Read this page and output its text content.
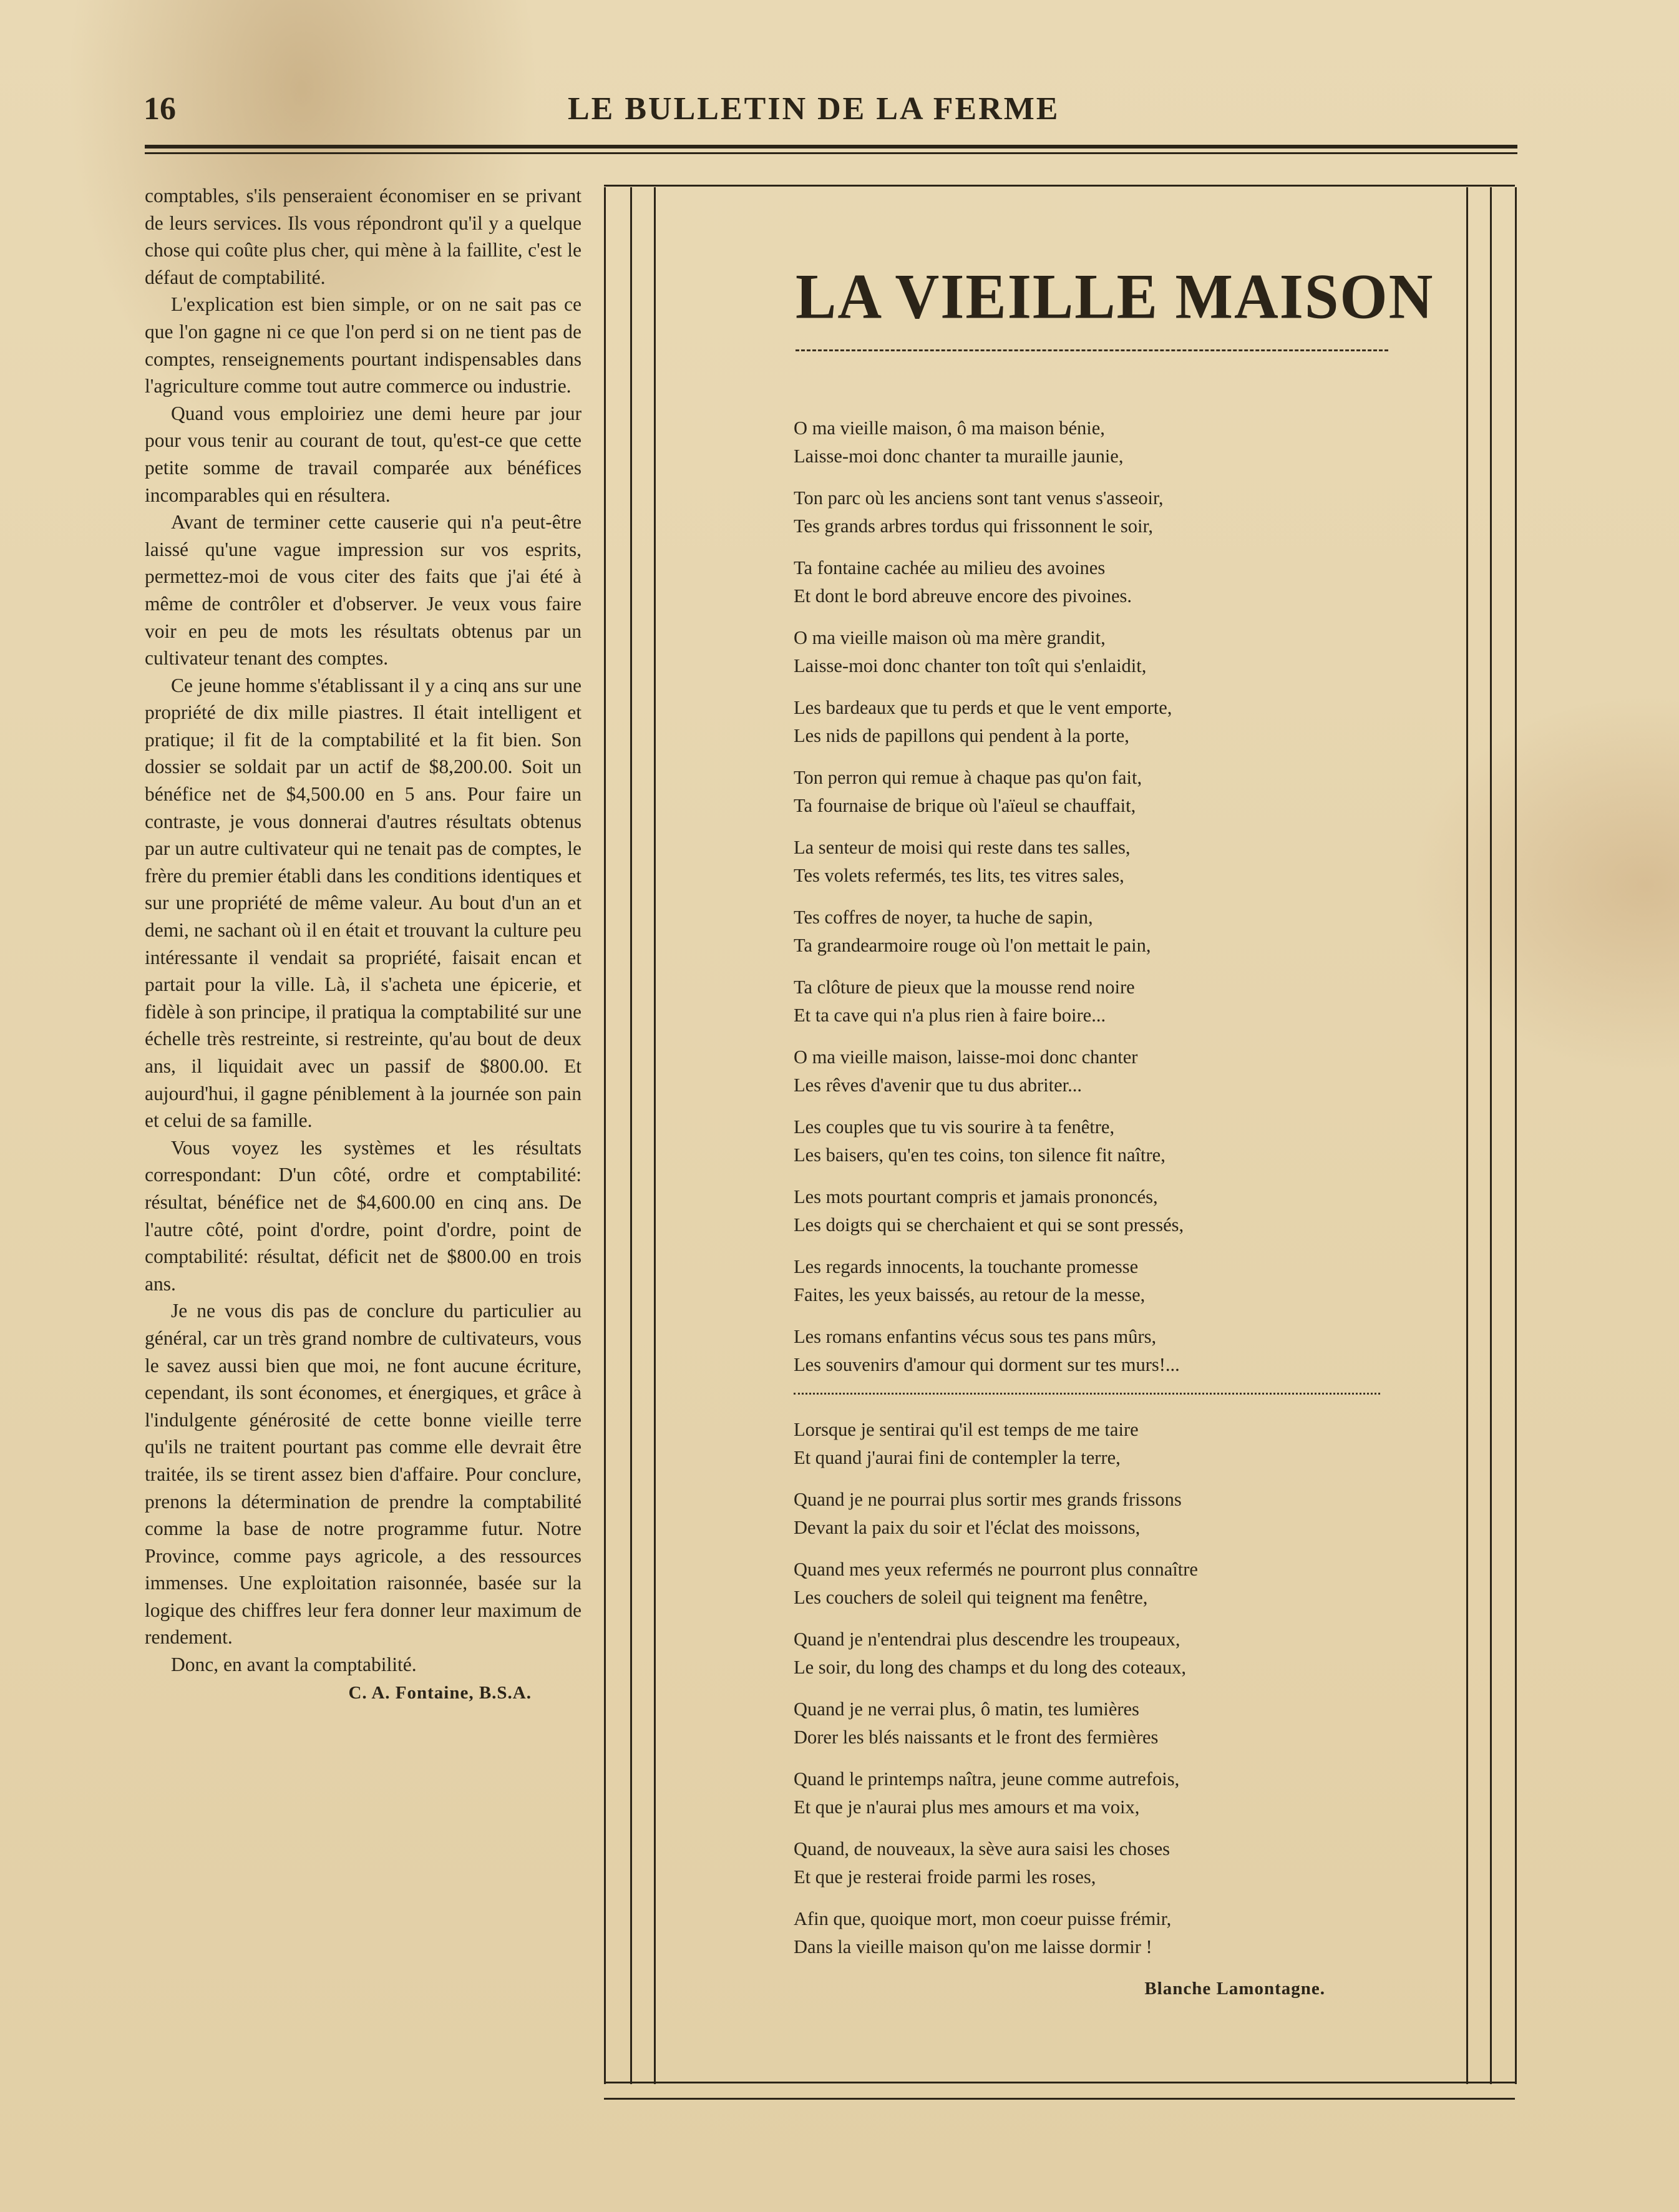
16	LE BULLETIN DE LA FERME

comptables, s'ils penseraient économiser en se privant de leurs services. Ils vous répondront qu'il y a quelque chose qui coûte plus cher, qui mène à la faillite, c'est le défaut de comptabilité.

L'explication est bien simple, or on ne sait pas ce que l'on gagne ni ce que l'on perd si on ne tient pas de comptes, renseignements pourtant indispensables dans l'agriculture comme tout autre commerce ou industrie.

Quand vous emploiriez une demi heure par jour pour vous tenir au courant de tout, qu'est-ce que cette petite somme de travail comparée aux bénéfices incomparables qui en résultera.

Avant de terminer cette causerie qui n'a peut-être laissé qu'une vague impression sur vos esprits, permettez-moi de vous citer des faits que j'ai été à même de contrôler et d'observer. Je veux vous faire voir en peu de mots les résultats obtenus par un cultivateur tenant des comptes.

Ce jeune homme s'établissant il y a cinq ans sur une propriété de dix mille piastres. Il était intelligent et pratique; il fit de la comptabilité et la fit bien. Son dossier se soldait par un actif de $8,200.00. Soit un bénéfice net de $4,500.00 en 5 ans. Pour faire un contraste, je vous donnerai d'autres résultats obtenus par un autre cultivateur qui ne tenait pas de comptes, le frère du premier établi dans les conditions identiques et sur une propriété de même valeur. Au bout d'un an et demi, ne sachant où il en était et trouvant la culture peu intéressante il vendait sa propriété, faisait encan et partait pour la ville. Là, il s'acheta une épicerie, et fidèle à son principe, il pratiqua la comptabilité sur une échelle très restreinte, si restreinte, qu'au bout de deux ans, il liquidait avec un passif de $800.00. Et aujourd'hui, il gagne péniblement à la journée son pain et celui de sa famille.

Vous voyez les systèmes et les résultats correspondant: D'un côté, ordre et comptabilité: résultat, bénéfice net de $4,600.00 en cinq ans. De l'autre côté, point d'ordre, point d'ordre, point de comptabilité: résultat, déficit net de $800.00 en trois ans.

Je ne vous dis pas de conclure du particulier au général, car un très grand nombre de cultivateurs, vous le savez aussi bien que moi, ne font aucune écriture, cependant, ils sont économes, et énergiques, et grâce à l'indulgente générosité de cette bonne vieille terre qu'ils ne traitent pourtant pas comme elle devrait être traitée, ils se tirent assez bien d'affaire. Pour conclure, prenons la détermination de prendre la comptabilité comme la base de notre programme futur. Notre Province, comme pays agricole, a des ressources immenses. Une exploitation raisonnée, basée sur la logique des chiffres leur fera donner leur maximum de rendement.

Donc, en avant la comptabilité.

C. A. Fontaine, B.S.A.
LA VIEILLE MAISON
O ma vieille maison, ô ma maison bénie,
Laisse-moi donc chanter ta muraille jaunie,
Ton parc où les anciens sont tant venus s'asseoir,
Tes grands arbres tordus qui frissonnent le soir,
Ta fontaine cachée au milieu des avoines
Et dont le bord abreuve encore des pivoines.
O ma vieille maison où ma mère grandit,
Laisse-moi donc chanter ton toît qui s'enlaidit,
Les bardeaux que tu perds et que le vent emporte,
Les nids de papillons qui pendent à la porte,
Ton perron qui remue à chaque pas qu'on fait,
Ta fournaise de brique où l'aïeul se chauffait,
La senteur de moisi qui reste dans tes salles,
Tes volets refermés, tes lits, tes vitres sales,
Tes coffres de noyer, ta huche de sapin,
Ta grandearmoire rouge où l'on mettait le pain,
Ta clôture de pieux que la mousse rend noire
Et ta cave qui n'a plus rien à faire boire...
O ma vieille maison, laisse-moi donc chanter
Les rêves d'avenir que tu dus abriter...
Les couples que tu vis sourire à ta fenêtre,
Les baisers, qu'en tes coins, ton silence fit naître,
Les mots pourtant compris et jamais prononcés,
Les doigts qui se cherchaient et qui se sont pressés,
Les regards innocents, la touchante promesse
Faites, les yeux baissés, au retour de la messe,
Les romans enfantins vécus sous tes pans mûrs,
Les souvenirs d'amour qui dorment sur tes murs!...
Lorsque je sentirai qu'il est temps de me taire
Et quand j'aurai fini de contempler la terre,
Quand je ne pourrai plus sortir mes grands frissons
Devant la paix du soir et l'éclat des moissons,
Quand mes yeux refermés ne pourront plus connaître
Les couchers de soleil qui teignent ma fenêtre,
Quand je n'entendrai plus descendre les troupeaux,
Le soir, du long des champs et du long des coteaux,
Quand je ne verrai plus, ô matin, tes lumières
Dorer les blés naissants et le front des fermières
Quand le printemps naîtra, jeune comme autrefois,
Et que je n'aurai plus mes amours et ma voix,
Quand, de nouveaux, la sève aura saisi les choses
Et que je resterai froide parmi les roses,
Afin que, quoique mort, mon coeur puisse frémir,
Dans la vieille maison qu'on me laisse dormir !
Blanche Lamontagne.
